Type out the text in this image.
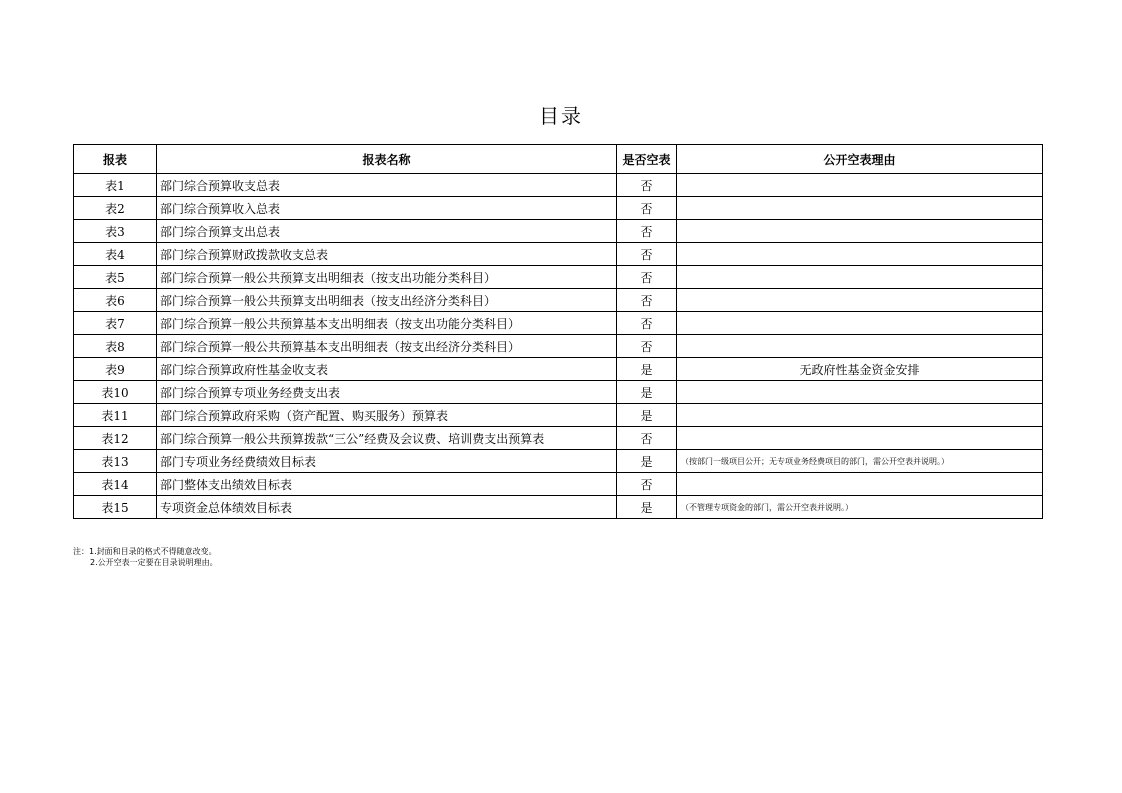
目录
报表	报表名称	是否空表	公开空表理由
表1	部门综合预算收支总表	否	
表2	部门综合预算收入总表	否	
表3	部门综合预算支出总表	否	
表4	部门综合预算财政拨款收支总表	否	
表5	部门综合预算一般公共预算支出明细表（按支出功能分类科目）	否	
表6	部门综合预算一般公共预算支出明细表（按支出经济分类科目）	否	
表7	部门综合预算一般公共预算基本支出明细表（按支出功能分类科目）	否	
表8	部门综合预算一般公共预算基本支出明细表（按支出经济分类科目）	否	
表9	部门综合预算政府性基金收支表	是	无政府性基金资金安排
表10	部门综合预算专项业务经费支出表	是	
表11	部门综合预算政府采购（资产配置、购买服务）预算表	是	
表12	部门综合预算一般公共预算拨款“三公”经费及会议费、培训费支出预算表	否	
表13	部门专项业务经费绩效目标表	是	（按部门一级项目公开；无专项业务经费项目的部门，需公开空表并说明。）
表14	部门整体支出绩效目标表	否	
表15	专项资金总体绩效目标表	是	（不管理专项资金的部门，需公开空表并说明。）
注：1.封面和目录的格式不得随意改变。
2.公开空表一定要在目录说明理由。
